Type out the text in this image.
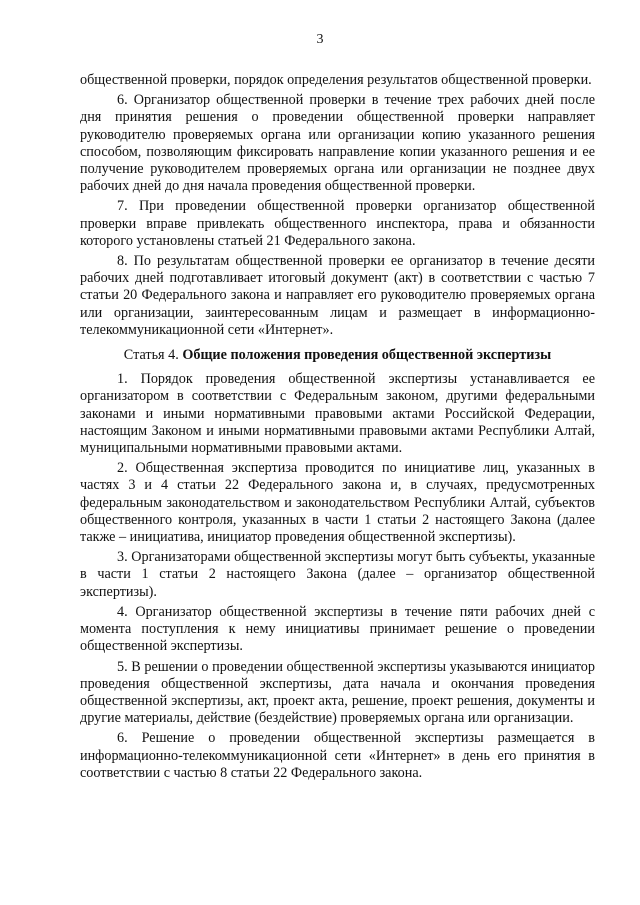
3

общественной проверки, порядок определения результатов общественной проверки.

6. Организатор общественной проверки в течение трех рабочих дней после дня принятия решения о проведении общественной проверки направляет руководителю проверяемых органа или организации копию указанного решения способом, позволяющим фиксировать направление копии указанного решения и ее получение руководителем проверяемых органа или организации не позднее двух рабочих дней до дня начала проведения общественной проверки.

7. При проведении общественной проверки организатор общественной проверки вправе привлекать общественного инспектора, права и обязанности которого установлены статьей 21 Федерального закона.

8. По результатам общественной проверки ее организатор в течение десяти рабочих дней подготавливает итоговый документ (акт) в соответствии с частью 7 статьи 20 Федерального закона и направляет его руководителю проверяемых органа или организации, заинтересованным лицам и размещает в информационно-телекоммуникационной сети «Интернет».

Статья 4. Общие положения проведения общественной экспертизы

1. Порядок проведения общественной экспертизы устанавливается ее организатором в соответствии с Федеральным законом, другими федеральными законами и иными нормативными правовыми актами Российской Федерации, настоящим Законом и иными нормативными правовыми актами Республики Алтай, муниципальными нормативными правовыми актами.

2. Общественная экспертиза проводится по инициативе лиц, указанных в частях 3 и 4 статьи 22 Федерального закона и, в случаях, предусмотренных федеральным законодательством и законодательством Республики Алтай, субъектов общественного контроля, указанных в части 1 статьи 2 настоящего Закона (далее также – инициатива, инициатор проведения общественной экспертизы).

3. Организаторами общественной экспертизы могут быть субъекты, указанные в части 1 статьи 2 настоящего Закона (далее – организатор общественной экспертизы).

4. Организатор общественной экспертизы в течение пяти рабочих дней с момента поступления к нему инициативы принимает решение о проведении общественной экспертизы.

5. В решении о проведении общественной экспертизы указываются инициатор проведения общественной экспертизы, дата начала и окончания проведения общественной экспертизы, акт, проект акта, решение, проект решения, документы и другие материалы, действие (бездействие) проверяемых органа или организации.

6. Решение о проведении общественной экспертизы размещается в информационно-телекоммуникационной сети «Интернет» в день его принятия в соответствии с частью 8 статьи 22 Федерального закона.
